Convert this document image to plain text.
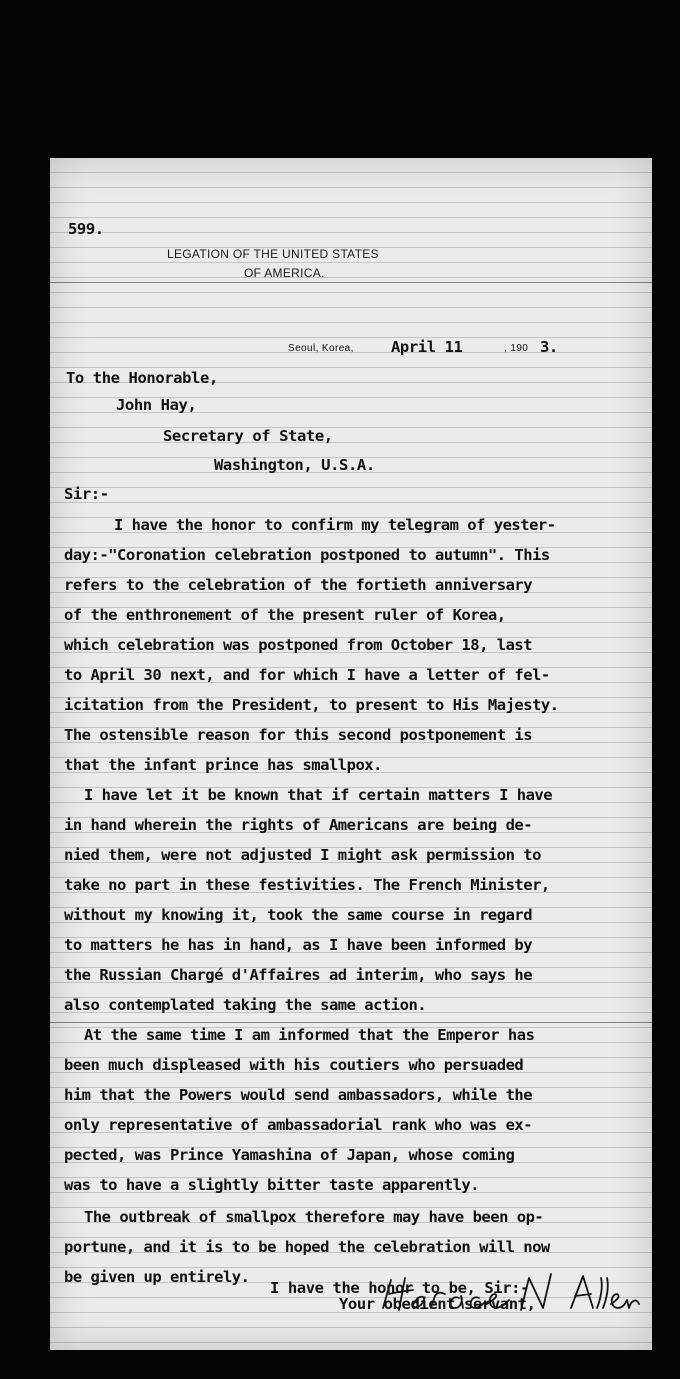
599.
LEGATION OF THE UNITED STATES
OF AMERICA.
Seoul, Korea, April 11	, 190 3.
To the Honorable,
John Hay,
Secretary of State,
Washington, U.S.A.
Sir:-
I have the honor to confirm my telegram of yester-
day:-"Coronation celebration postponed to autumn". This
refers to the celebration of the fortieth anniversary
of the enthronement of the present ruler of Korea,
which celebration was postponed from October 18, last
to April 30 next, and for which I have a letter of fel-
icitation from the President, to present to His Majesty.
The ostensible reason for this second postponement is
that the infant prince has smallpox.
I have let it be known that if certain matters I have
in hand wherein the rights of Americans are being de-
nied them, were not adjusted I might ask permission to
take no part in these festivities. The French Minister,
without my knowing it, took the same course in regard
to matters he has in hand, as I have been informed by
the Russian Chargé d'Affaires ad interim, who says he
also contemplated taking the same action.
At the same time I am informed that the Emperor has
been much displeased with his coutiers who persuaded
him that the Powers would send ambassadors, while the
only representative of ambassadorial rank who was ex-
pected, was Prince Yamashina of Japan, whose coming
was to have a slightly bitter taste apparently.
The outbreak of smallpox therefore may have been op-
portune, and it is to be hoped the celebration will now
be given up entirely.
I have the honor to be, Sir:-
Your obedient servant,
